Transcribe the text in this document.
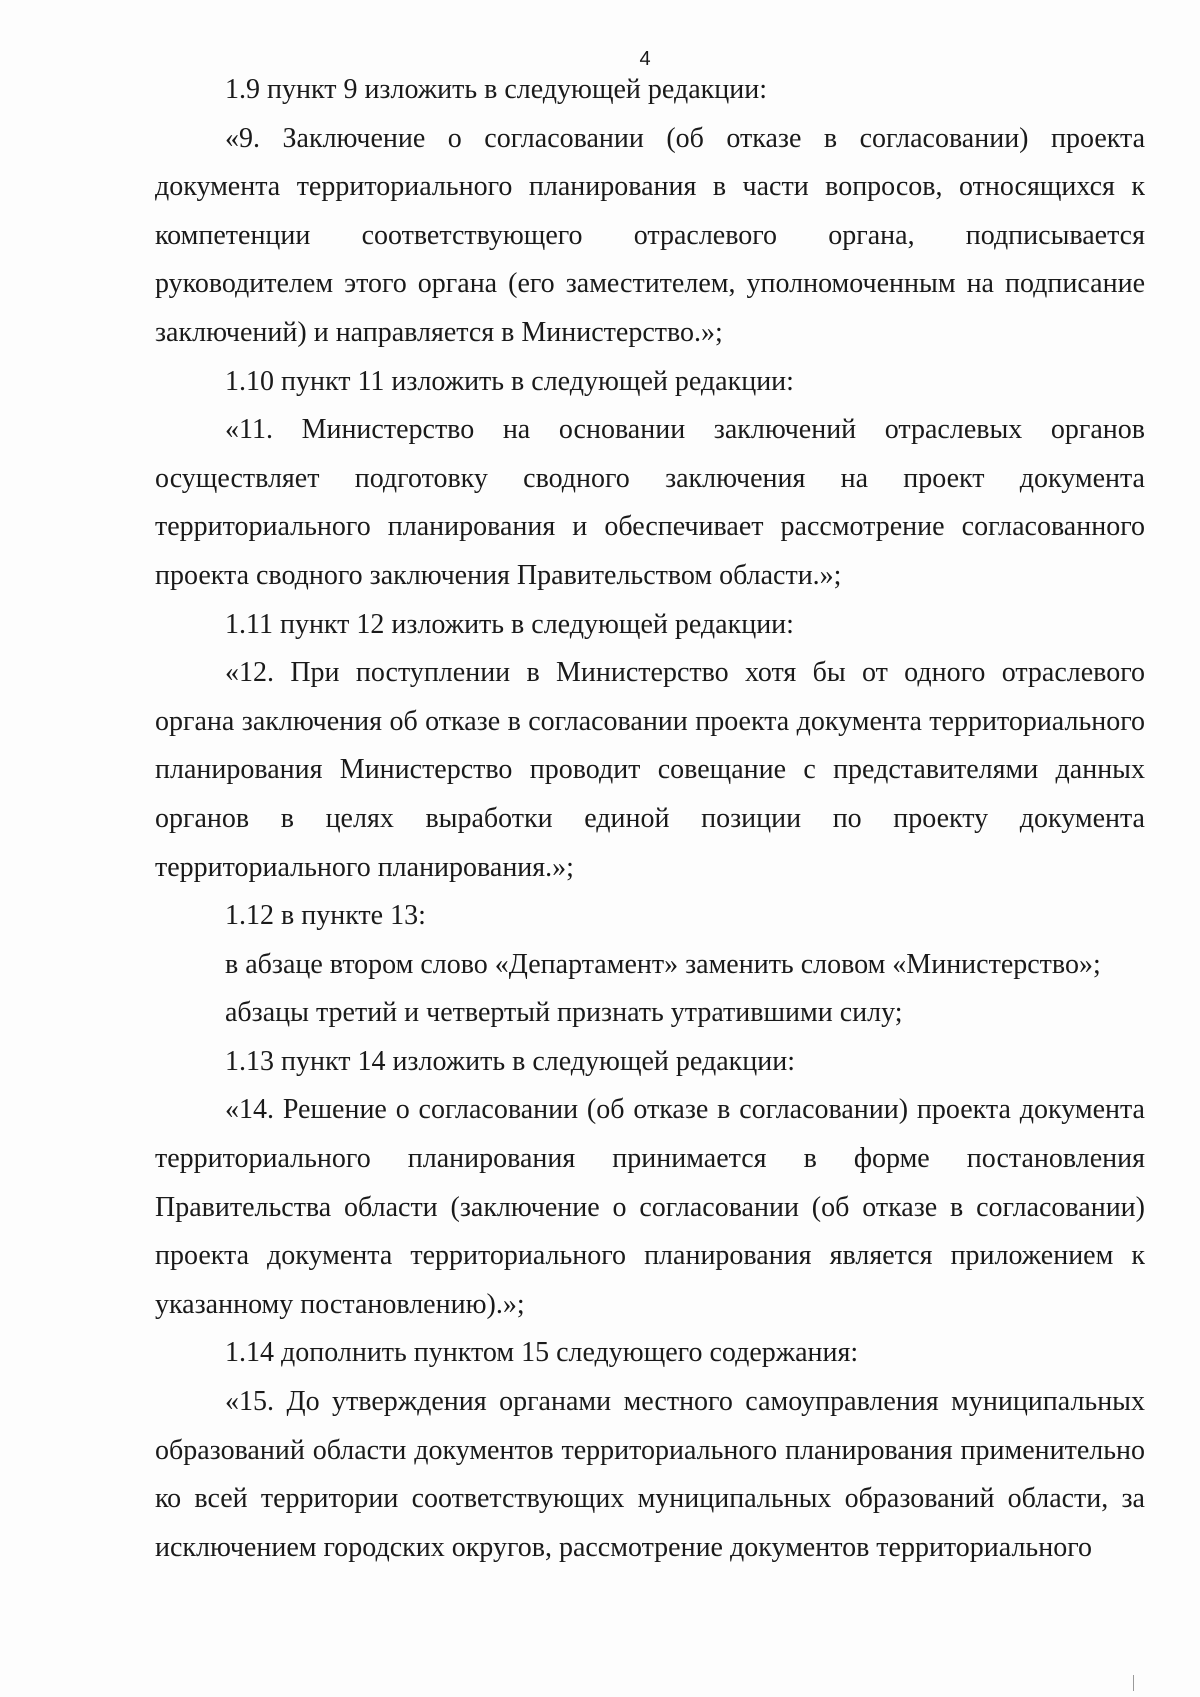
4

1.9 пункт 9 изложить в следующей редакции:

«9. Заключение о согласовании (об отказе в согласовании) проекта документа территориального планирования в части вопросов, относящихся к компетенции соответствующего отраслевого органа, подписывается руководителем этого органа (его заместителем, уполномоченным на подписание заключений) и направляется в Министерство.»;

1.10 пункт 11 изложить в следующей редакции:

«11. Министерство на основании заключений отраслевых органов осуществляет подготовку сводного заключения на проект документа территориального планирования и обеспечивает рассмотрение согласованного проекта сводного заключения Правительством области.»;

1.11 пункт 12 изложить в следующей редакции:

«12. При поступлении в Министерство хотя бы от одного отраслевого органа заключения об отказе в согласовании проекта документа территориального планирования Министерство проводит совещание с представителями данных органов в целях выработки единой позиции по проекту документа территориального планирования.»;

1.12 в пункте 13:

в абзаце втором слово «Департамент» заменить словом «Министерство»;

абзацы третий и четвертый признать утратившими силу;

1.13 пункт 14 изложить в следующей редакции:

«14. Решение о согласовании (об отказе в согласовании) проекта документа территориального планирования принимается в форме постановления Правительства области (заключение о согласовании (об отказе в согласовании) проекта документа территориального планирования является приложением к указанному постановлению).»;

1.14 дополнить пунктом 15 следующего содержания:

«15. До утверждения органами местного самоуправления муниципальных образований области документов территориального планирования применительно ко всей территории соответствующих муниципальных образований области, за исключением городских округов, рассмотрение документов территориального
